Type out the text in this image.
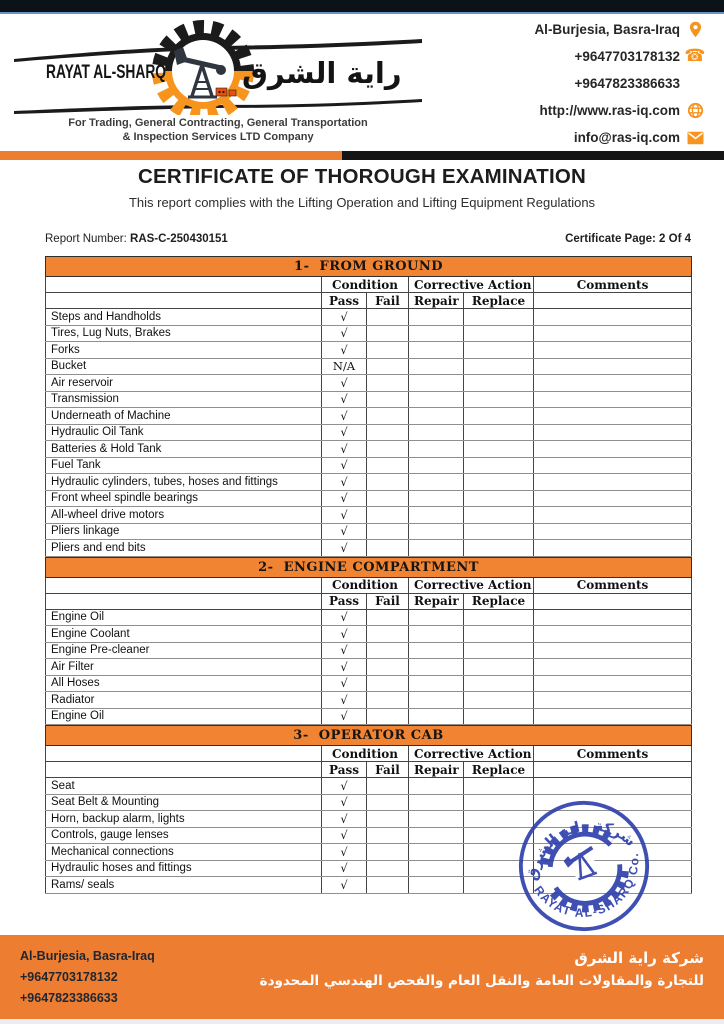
RAYAT AL-SHARQ	راية الشرق
For Trading, General Contracting, General Transportation
& Inspection Services LTD Company
Al-Burjesia, Basra-Iraq
+9647703178132 ☎
+9647823386633
http://www.ras-iq.com
info@ras-iq.com
CERTIFICATE OF THOROUGH EXAMINATION
This report complies with the Lifting Operation and Lifting Equipment Regulations
Report Number: RAS-C-250430151	Certificate Page: 2 Of 4
1-  FROM GROUND					
	Condition		Corrective Action		Comments
	Pass	Fail	Repair	Replace	
Steps and Handholds	√				
Tires, Lug Nuts, Brakes	√				
Forks	√				
Bucket	N/A				
Air reservoir	√				
Transmission	√				
Underneath of Machine	√				
Hydraulic Oil Tank	√				
Batteries & Hold Tank	√				
Fuel Tank	√				
Hydraulic cylinders, tubes, hoses and fittings	√				
Front wheel spindle bearings	√				
All-wheel drive motors	√				
Pliers linkage	√				
Pliers and end bits	√				
2-  ENGINE COMPARTMENT					
	Condition		Corrective Action		Comments
	Pass	Fail	Repair	Replace	
Engine Oil	√				
Engine Coolant	√				
Engine Pre-cleaner	√				
Air Filter	√				
All Hoses	√				
Radiator	√				
Engine Oil	√				
3-  OPERATOR CAB					
	Condition		Corrective Action		Comments
	Pass	Fail	Repair	Replace	
Seat	√				
Seat Belt & Mounting	√				
Horn, backup alarm, lights	√				
Controls, gauge lenses	√				
Mechanical connections	√				
Hydraulic hoses and fittings	√				
Rams/ seals	√				
شركة راية الشرق
RAYAT AL-SHARQ Co.
Al-Burjesia, Basra-Iraq
+9647703178132
+9647823386633
شركة راية الشرق
للتجارة والمقاولات العامة والنقل العام والفحص الهندسي المحدودة
